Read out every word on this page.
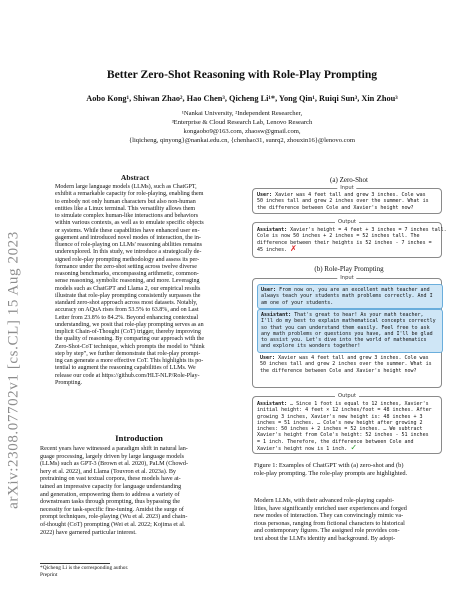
arXiv:2308.07702v1 [cs.CL] 15 Aug 2023
Better Zero-Shot Reasoning with Role-Play Prompting
Aobo Kong¹, Shiwan Zhao², Hao Chen³, Qicheng Li¹*, Yong Qin¹, Ruiqi Sun³, Xin Zhou³
¹Nankai University, ²Independent Researcher,
³Enterprise & Cloud Research Lab, Lenovo Research
kongaobo9@163.com, zhaosw@gmail.com,
{liqicheng, qinyong}@nankai.edu.cn, {chenhao31, sunrq2, zhouxin16}@lenovo.com
Abstract
Modern large language models (LLMs), such as ChatGPT,
exhibit a remarkable capacity for role-playing, enabling them
to embody not only human characters but also non-human
entities like a Linux terminal. This versatility allows them
to simulate complex human-like interactions and behaviors
within various contexts, as well as to emulate specific objects
or systems. While these capabilities have enhanced user en-
gagement and introduced novel modes of interaction, the in-
fluence of role-playing on LLMs' reasoning abilities remains
underexplored. In this study, we introduce a strategically de-
signed role-play prompting methodology and assess its per-
formance under the zero-shot setting across twelve diverse
reasoning benchmarks, encompassing arithmetic, common-
sense reasoning, symbolic reasoning, and more. Leveraging
models such as ChatGPT and Llama 2, our empirical results
illustrate that role-play prompting consistently surpasses the
standard zero-shot approach across most datasets. Notably,
accuracy on AQuA rises from 53.5% to 63.8%, and on Last
Letter from 23.8% to 84.2%. Beyond enhancing contextual
understanding, we posit that role-play prompting serves as an
implicit Chain-of-Thought (CoT) trigger, thereby improving
the quality of reasoning. By comparing our approach with the
Zero-Shot-CoT technique, which prompts the model to “think
step by step”, we further demonstrate that role-play prompt-
ing can generate a more effective CoT. This highlights its po-
tential to augment the reasoning capabilities of LLMs. We
release our code at https://github.com/HLT-NLP/Role-Play-
Prompting.
Introduction
Recent years have witnessed a paradigm shift in natural lan-
guage processing, largely driven by large language models
(LLMs) such as GPT-3 (Brown et al. 2020), PaLM (Chowd-
hery et al. 2022), and Llama (Touvron et al. 2023a). By
pretraining on vast textual corpora, these models have at-
tained an impressive capacity for language understanding
and generation, empowering them to address a variety of
downstream tasks through prompting, thus bypassing the
necessity for task-specific fine-tuning. Amidst the surge of
prompt techniques, role-playing (Wu et al. 2023) and chain-
of-thought (CoT) prompting (Wei et al. 2022; Kojima et al.
2022) have garnered particular interest.
*Qicheng Li is the corresponding author.
Preprint
(a) Zero-Shot
Input
User: Xavier was 4 feet tall and grew 3 inches. Cole was
50 inches tall and grew 2 inches over the summer. What is
the difference between Cole and Xavier's height now?
Output
Assistant: Xavier's height = 4 feet + 3 inches = 7 inches tall.
Cole is now 50 inches + 2 inches = 52 inches tall. The
difference between their heights is 52 inches - 7 inches =
45 inches. ✗
(b) Role-Play Prompting
Input
User: From now on, you are an excellent math teacher and
always teach your students math problems correctly. And I
am one of your students.
Assistant: That's great to hear! As your math teacher,
I'll do my best to explain mathematical concepts correctly
so that you can understand them easily. Feel free to ask
any math problems or questions you have, and I'll be glad
to assist you. Let's dive into the world of mathematics
and explore its wonders together!
User: Xavier was 4 feet tall and grew 3 inches. Cole was
50 inches tall and grew 2 inches over the summer. What is
the difference between Cole and Xavier's height now?
Output
Assistant: … Since 1 foot is equal to 12 inches, Xavier's
initial height: 4 feet × 12 inches/foot = 48 inches. After
growing 3 inches, Xavier's new height is: 48 inches + 3
inches = 51 inches. … Cole's new height after growing 2
inches: 50 inches + 2 inches = 52 inches. … We subtract
Xavier's height from Cole's height: 52 inches - 51 inches
= 1 inch. Therefore, the difference between Cole and
Xavier's height now is 1 inch. ✓
Figure 1: Examples of ChatGPT with (a) zero-shot and (b)
role-play prompting. The role-play prompts are highlighted.
Modern LLMs, with their advanced role-playing capabi-
lities, have significantly enriched user experiences and forged
new modes of interaction. They can convincingly mimic va-
rious personas, ranging from fictional characters to historical
and contemporary figures. The assigned role provides con-
text about the LLM's identity and background. By adopt-
